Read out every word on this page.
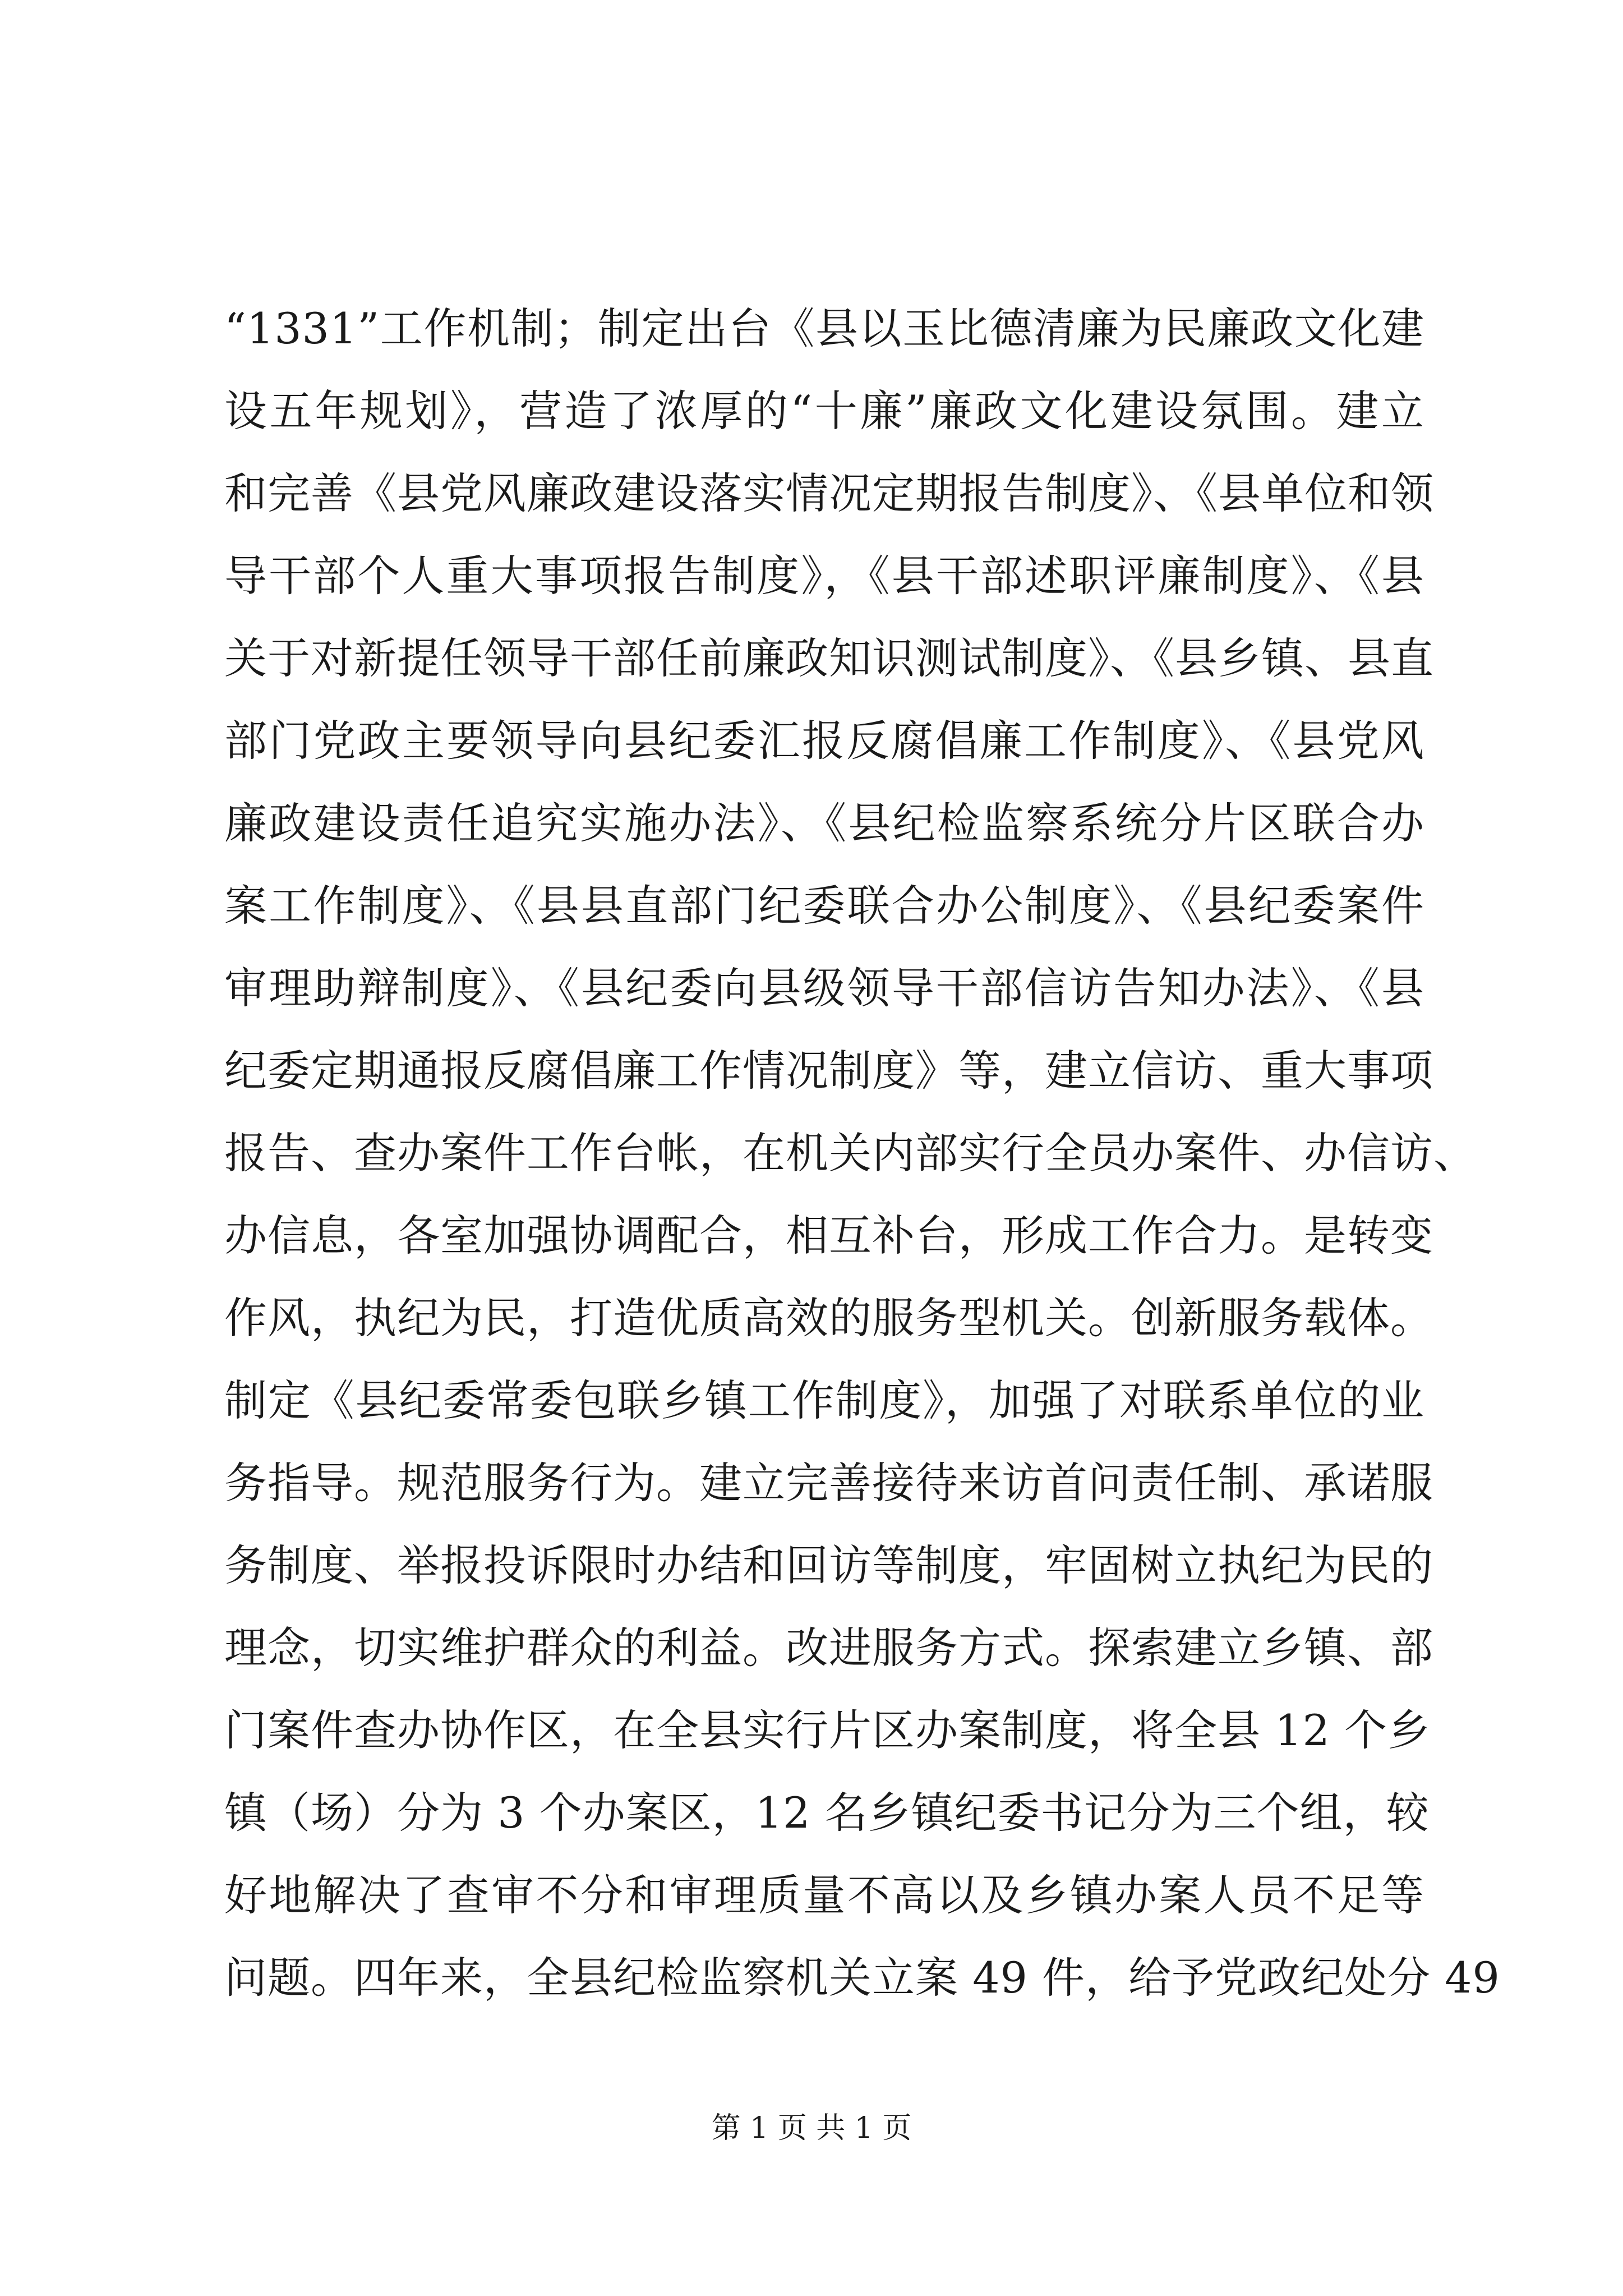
“1331”工作机制；制定出台《县以玉比德清廉为民廉政文化建
设五年规划》，营造了浓厚的“十廉”廉政文化建设氛围。建立
和完善《县党风廉政建设落实情况定期报告制度》、《县单位和领
导干部个人重大事项报告制度》，《县干部述职评廉制度》、《县
关于对新提任领导干部任前廉政知识测试制度》、《县乡镇、县直
部门党政主要领导向县纪委汇报反腐倡廉工作制度》、《县党风
廉政建设责任追究实施办法》、《县纪检监察系统分片区联合办
案工作制度》、《县县直部门纪委联合办公制度》、《县纪委案件
审理助辩制度》、《县纪委向县级领导干部信访告知办法》、《县
纪委定期通报反腐倡廉工作情况制度》等，建立信访、重大事项
报告、查办案件工作台帐，在机关内部实行全员办案件、办信访、
办信息，各室加强协调配合，相互补台，形成工作合力。是转变
作风，执纪为民，打造优质高效的服务型机关。创新服务载体。
制定《县纪委常委包联乡镇工作制度》，加强了对联系单位的业
务指导。规范服务行为。建立完善接待来访首问责任制、承诺服
务制度、举报投诉限时办结和回访等制度，牢固树立执纪为民的
理念，切实维护群众的利益。改进服务方式。探索建立乡镇、部
门案件查办协作区，在全县实行片区办案制度，将全县 12 个乡
镇（场）分为 3 个办案区，12 名乡镇纪委书记分为三个组，较
好地解决了查审不分和审理质量不高以及乡镇办案人员不足等
问题。四年来，全县纪检监察机关立案 49 件，给予党政纪处分 49
第 1 页 共 1 页
